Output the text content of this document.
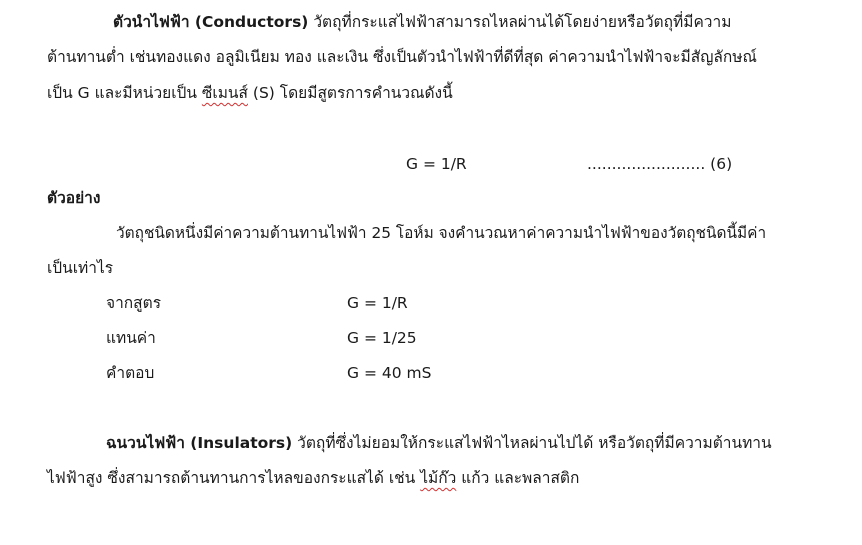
ตัวนำไฟฟ้า (Conductors) วัตถุที่กระแสไฟฟ้าสามารถไหลผ่านได้โดยง่ายหรือวัตถุที่มีความ
ต้านทานต่ำ เช่นทองแดง อลูมิเนียม ทอง และเงิน ซึ่งเป็นตัวนำไฟฟ้าที่ดีที่สุด ค่าความนำไฟฟ้าจะมีสัญลักษณ์
เป็น G และมีหน่วยเป็น ซีเมนส์ (S) โดยมีสูตรการคำนวณดังนี้
G = 1/R	........................ (6)
ตัวอย่าง
วัตถุชนิดหนึ่งมีค่าความต้านทานไฟฟ้า 25 โอห์ม จงคำนวณหาค่าความนำไฟฟ้าของวัตถุชนิดนี้มีค่า
เป็นเท่าไร
จากสูตร	G = 1/R
แทนค่า	G = 1/25
คำตอบ	G = 40 mS
ฉนวนไฟฟ้า (Insulators) วัตถุที่ซึ่งไม่ยอมให้กระแสไฟฟ้าไหลผ่านไปได้ หรือวัตถุที่มีความต้านทาน
ไฟฟ้าสูง ซึ่งสามารถต้านทานการไหลของกระแสได้ เช่น ไม้ก๊ว แก้ว และพลาสติก
